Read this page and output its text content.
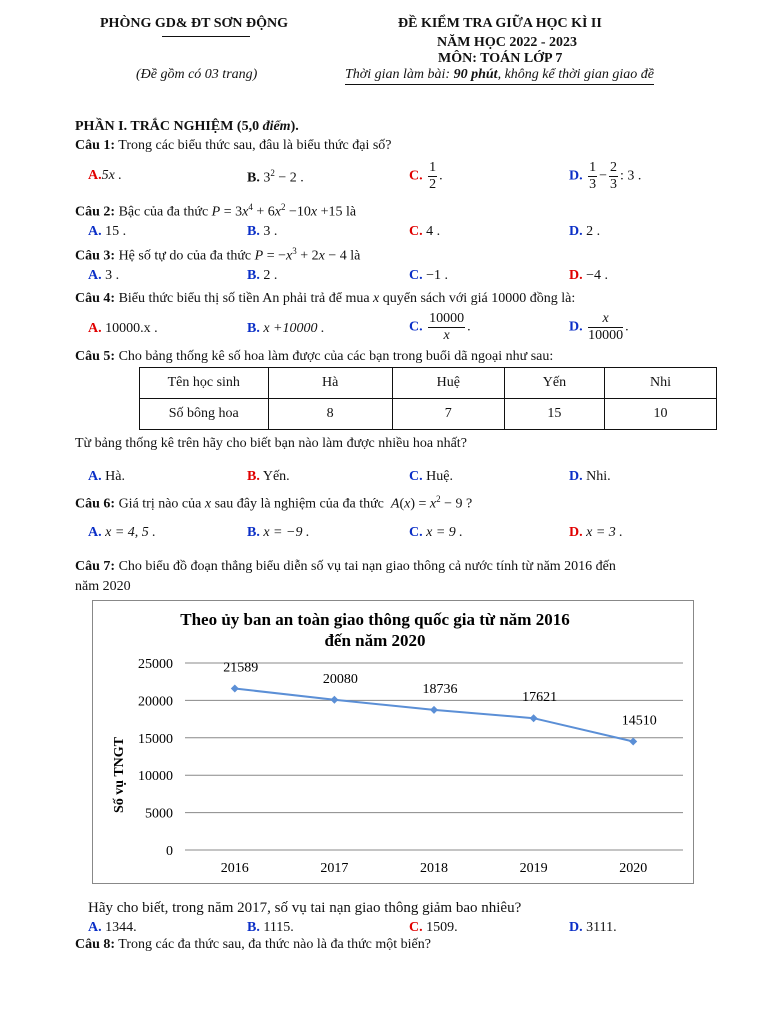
PHÒNG GD& ĐT SƠN ĐỘNG
(Đề gồm có 03 trang)
ĐỀ KIỂM TRA GIỮA HỌC KÌ II
NĂM HỌC 2022 - 2023
MÔN: TOÁN LỚP 7
Thời gian làm bài: 90 phút, không kể thời gian giao đề
PHẦN I. TRẮC NGHIỆM (5,0 điểm).
Câu 1: Trong các biểu thức sau, đâu là biểu thức đại số?
A.5x .	B. $3^2 - 2$ .	C. $\frac{1}{2}$ .	D. $\frac{1}{3} - \frac{2}{3}$ : 3 .
Câu 2: Bậc của đa thức $P = 3x^4 + 6x^2 -10x +15$ là
A. 15 .	B. 3 .	C. 4 .	D. 2 .
Câu 3: Hệ số tự do của đa thức $P = -x^3 + 2x - 4$ là
A. 3 .	B. 2 .	C. −1 .	D. −4 .
Câu 4: Biểu thức biểu thị số tiền An phải trả để mua x quyển sách với giá 10000 đồng là:
A. 10000.x .	B. x +10000 .	C. $\frac{10000}{x}$ .	D. $\frac{x}{10000}$ .
Câu 5: Cho bảng thống kê số hoa làm được của các bạn trong buổi dã ngoại như sau:
Tên học sinh	Hà	Huệ	Yến	Nhi
Số bông hoa	8	7	15	10
Từ bảng thống kê trên hãy cho biết bạn nào làm được nhiều hoa nhất?
A. Hà.	B. Yến.	C. Huệ.	D. Nhi.
Câu 6: Giá trị nào của x sau đây là nghiệm của đa thức  $A(x) = x^2 - 9$ ?
A. x = 4, 5 .	B. x = −9 .	C. x = 9 .	D. x = 3 .
Câu 7: Cho biểu đồ đoạn thẳng biểu diễn số vụ tai nạn giao thông cả nước tính từ năm 2016 đến
năm 2020
Theo ủy ban an toàn giao thông quốc gia từ năm 2016
đến năm 2020
Số vụ TNGT
0
5000
10000
15000
20000
25000
2016	2017	2018	2019	2020
21589
20080
18736
17621
14510
Hãy cho biết, trong năm 2017, số vụ tai nạn giao thông giảm bao nhiêu?
A. 1344.	B. 1115.	C. 1509.	D. 3111.
Câu 8: Trong các đa thức sau, đa thức nào là đa thức một biến?
